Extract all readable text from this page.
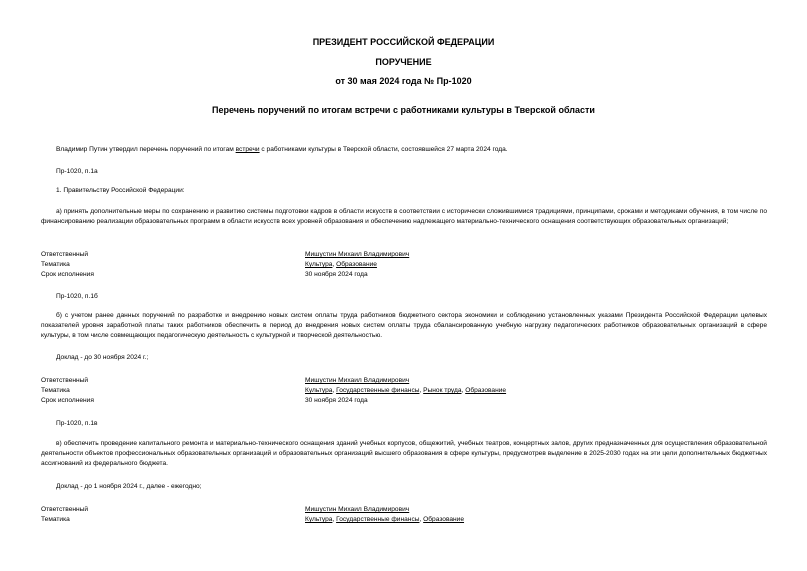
ПРЕЗИДЕНТ РОССИЙСКОЙ ФЕДЕРАЦИИ
ПОРУЧЕНИЕ
от 30 мая 2024 года № Пр-1020
Перечень поручений по итогам встречи с работниками культуры в Тверской области

Владимир Путин утвердил перечень поручений по итогам встречи с работниками культуры в Тверской области, состоявшейся 27 марта 2024 года.

Пр-1020, п.1а

1. Правительству Российской Федерации:

а) принять дополнительные меры по сохранению и развитию системы подготовки кадров в области искусств в соответствии с исторически сложившимися традициями, принципами, сроками и методиками обучения, в том числе по финансированию реализации образовательных программ в области искусств всех уровней образования и обеспечению надлежащего материально-технического оснащения соответствующих образовательных организаций;

Ответственный	Мишустин Михаил Владимирович
Тематика	Культура, Образование
Срок исполнения	30 ноября 2024 года

Пр-1020, п.1б

б) с учетом ранее данных поручений по разработке и внедрению новых систем оплаты труда работников бюджетного сектора экономики и соблюдению установленных указами Президента Российской Федерации целевых показателей уровня заработной платы таких работников обеспечить в период до внедрения новых систем оплаты труда сбалансированную учебную нагрузку педагогических работников образовательных организаций в сфере культуры, в том числе совмещающих педагогическую деятельность с культурной и творческой деятельностью.

Доклад - до 30 ноября 2024 г.;

Ответственный	Мишустин Михаил Владимирович
Тематика	Культура, Государственные финансы, Рынок труда, Образование
Срок исполнения	30 ноября 2024 года

Пр-1020, п.1в

в) обеспечить проведение капитального ремонта и материально-технического оснащения зданий учебных корпусов, общежитий, учебных театров, концертных залов, других предназначенных для осуществления образовательной деятельности объектов профессиональных образовательных организаций и образовательных организаций высшего образования в сфере культуры, предусмотрев выделение в 2025-2030 годах на эти цели дополнительных бюджетных ассигнований из федерального бюджета.

Доклад - до 1 ноября 2024 г., далее - ежегодно;

Ответственный	Мишустин Михаил Владимирович
Тематика	Культура, Государственные финансы, Образование
